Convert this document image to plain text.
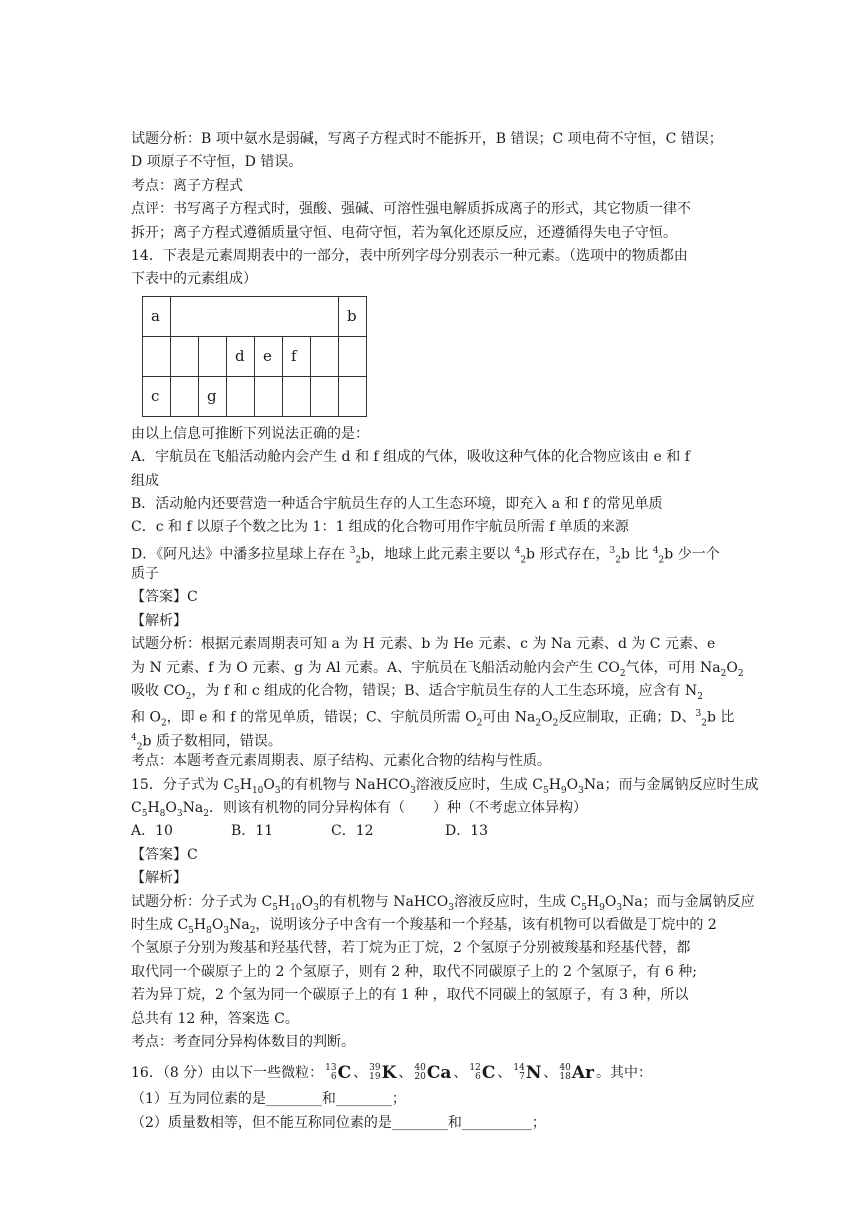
试题分析：B 项中氨水是弱碱，写离子方程式时不能拆开，B 错误；C 项电荷不守恒，C 错误；
D 项原子不守恒，D 错误。
考点：离子方程式
点评：书写离子方程式时，强酸、强碱、可溶性强电解质拆成离子的形式，其它物质一律不
拆开；离子方程式遵循质量守恒、电荷守恒，若为氧化还原反应，还遵循得失电子守恒。
14．下表是元素周期表中的一部分，表中所列字母分别表示一种元素。（选项中的物质都由
下表中的元素组成）
a							b
			d	e	f		
c		g					
由以上信息可推断下列说法正确的是：
A．宇航员在飞船活动舱内会产生 d 和 f 组成的气体，吸收这种气体的化合物应该由 e 和 f
组成
B．活动舱内还要营造一种适合宇航员生存的人工生态环境，即充入 a 和 f 的常见单质
C．c 和 f 以原子个数之比为 1：1 组成的化合物可用作宇航员所需 f 单质的来源
D．《阿凡达》中潘多拉星球上存在 $^3_2$b，地球上此元素主要以 $^4_2$b 形式存在，$^3_2$b 比 $^4_2$b 少一个
质子
【答案】C
【解析】
试题分析：根据元素周期表可知 a 为 H 元素、b 为 He 元素、c 为 Na 元素、d 为 C 元素、e
为 N 元素、f 为 O 元素、g 为 Al 元素。A、宇航员在飞船活动舱内会产生 $CO_2$气体，可用 $Na_2O_2$
吸收 $CO_2$，为 f 和 c 组成的化合物，错误；B、适合宇航员生存的人工生态环境，应含有 $N_2$
和 $O_2$，即 e 和 f 的常见单质，错误；C、宇航员所需 $O_2$可由 $Na_2O_2$反应制取，正确；D、$^3_2$b 比
$^4_2$b 质子数相同，错误。
考点：本题考查元素周期表、原子结构、元素化合物的结构与性质。
15．分子式为 $C_5H_{10}O_3$的有机物与 NaHCO$_3$溶液反应时，生成 $C_5H_9O_3Na$；而与金属钠反应时生成
$C_5H_8O_3Na_2$．则该有机物的同分异构体有（　　）种（不考虑立体异构）
A．10	B．11	C．12	D．13
【答案】C
【解析】
试题分析：分子式为 $C_5H_{10}O_3$的有机物与 NaHCO$_3$溶液反应时，生成 $C_5H_9O_3Na$；而与金属钠反应
时生成 $C_5H_8O_3Na_2$，说明该分子中含有一个羧基和一个羟基，该有机物可以看做是丁烷中的 2
个氢原子分别为羧基和羟基代替，若丁烷为正丁烷，2 个氢原子分别被羧基和羟基代替，都
取代同一个碳原子上的 2 个氢原子，则有 2 种，取代不同碳原子上的 2 个氢原子，有 6 种;
若为异丁烷，2 个氢为同一个碳原子上的有 1 种 ，取代不同碳上的氢原子，有 3 种，所以
总共有 12 种，答案选 C。
考点：考查同分异构体数目的判断。
16．（8 分）由以下一些微粒： 13
6 C 、 39
19 K 、 40
20 Ca 、 12
6 C 、 14
7 N 、 40
18 Ar 。其中：
（1）互为同位素的是________和________；
（2）质量数相等，但不能互称同位素的是________和__________；
